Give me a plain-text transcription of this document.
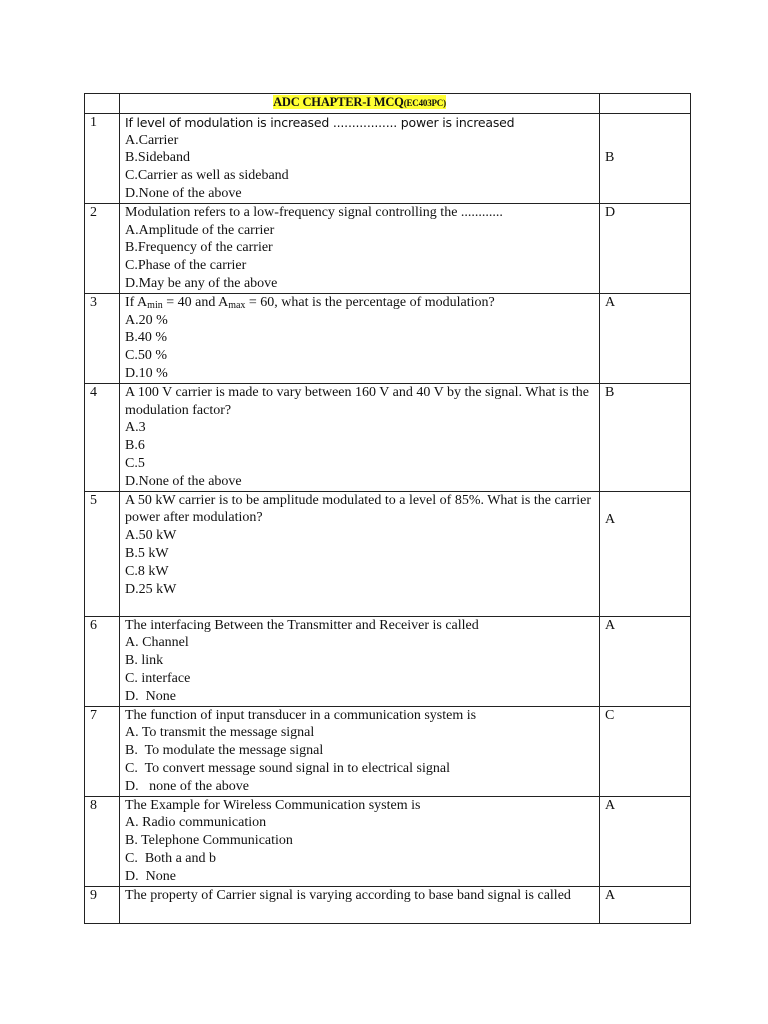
	ADC CHAPTER-I MCQ(EC403PC)	
1	If level of modulation is increased ................. power is increased
A.Carrier
B.Sideband
C.Carrier as well as sideband
D.None of the above	B
2	Modulation refers to a low-frequency signal controlling the ............
A.Amplitude of the carrier
B.Frequency of the carrier
C.Phase of the carrier
D.May be any of the above	D
3	If $A_{min} = 40$ and $A_{max} = 60$, what is the percentage of modulation?
A.20 %
B.40 %
C.50 %
D.10 %	A
4	A 100 V carrier is made to vary between 160 V and 40 V by the signal. What is the modulation factor?
A.3
B.6
C.5
D.None of the above	B
5	A 50 kW carrier is to be amplitude modulated to a level of 85%. What is the carrier power after modulation?
A.50 kW
B.5 kW
C.8 kW
D.25 kW	A
6	The interfacing Between the Transmitter and Receiver is called
A. Channel
B. link
C. interface
D.  None	A
7	The function of input transducer in a communication system is
A. To transmit the message signal
B.  To modulate the message signal
C.  To convert message sound signal in to electrical signal
D.   none of the above	C
8	The Example for Wireless Communication system is
A. Radio communication
B. Telephone Communication
C.  Both a and b
D.  None	A
9	The property of Carrier signal is varying according to base band signal is called	A
